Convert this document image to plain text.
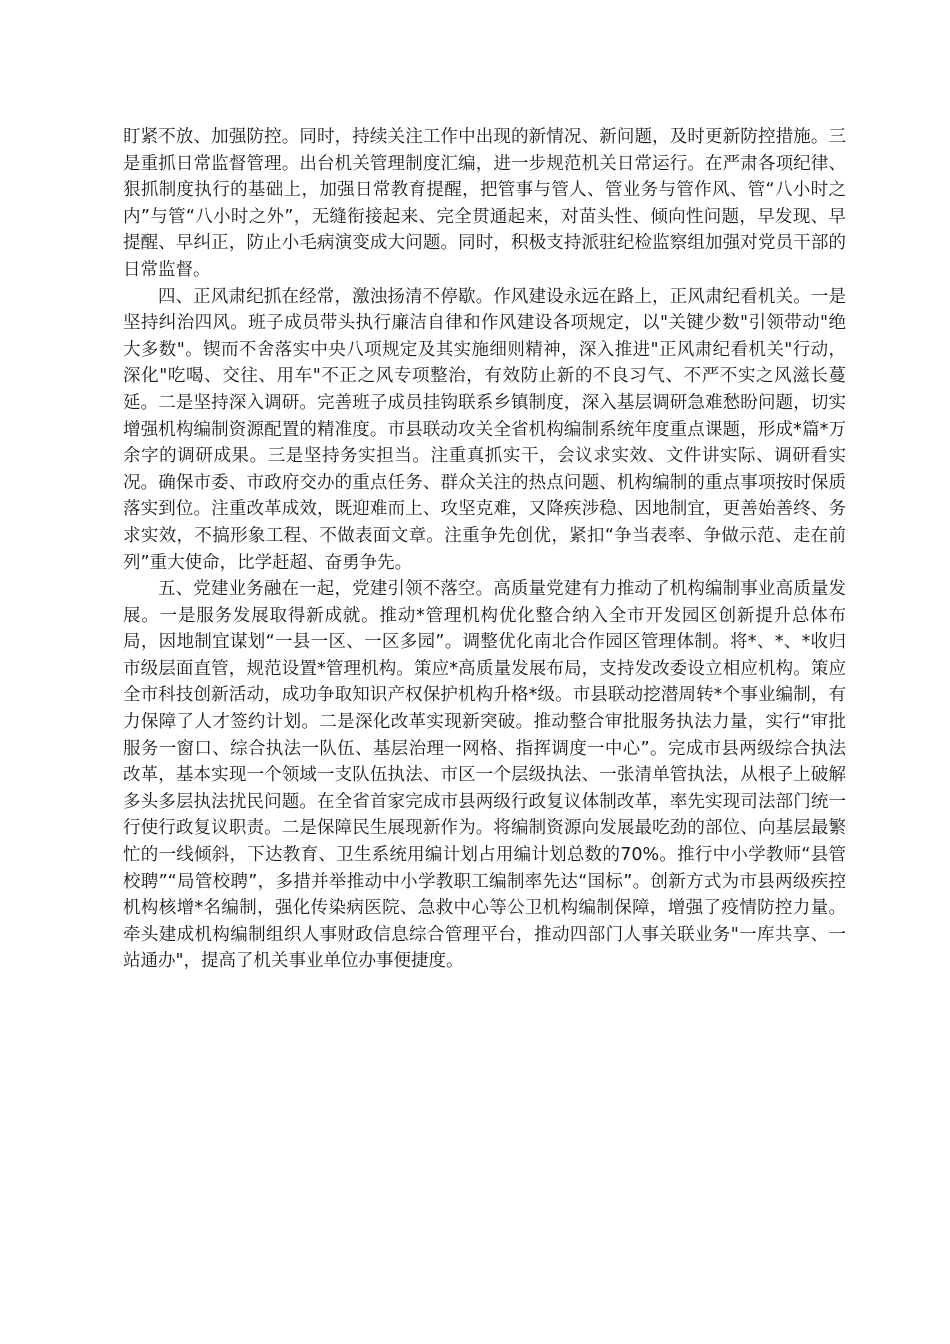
盯紧不放、加强防控。同时，持续关注工作中出现的新情况、新问题，及时更新防控措施。三是重抓日常监督管理。出台机关管理制度汇编，进一步规范机关日常运行。在严肃各项纪律、狠抓制度执行的基础上，加强日常教育提醒，把管事与管人、管业务与管作风、管“八小时之内”与管“八小时之外”，无缝衔接起来、完全贯通起来，对苗头性、倾向性问题，早发现、早提醒、早纠正，防止小毛病演变成大问题。同时，积极支持派驻纪检监察组加强对党员干部的日常监督。

四、正风肃纪抓在经常，激浊扬清不停歇。作风建设永远在路上，正风肃纪看机关。一是坚持纠治四风。班子成员带头执行廉洁自律和作风建设各项规定，以"关键少数"引领带动"绝大多数"。锲而不舍落实中央八项规定及其实施细则精神，深入推进"正风肃纪看机关"行动，深化"吃喝、交往、用车"不正之风专项整治，有效防止新的不良习气、不严不实之风滋长蔓延。二是坚持深入调研。完善班子成员挂钩联系乡镇制度，深入基层调研急难愁盼问题，切实增强机构编制资源配置的精准度。市县联动攻关全省机构编制系统年度重点课题，形成*篇*万余字的调研成果。三是坚持务实担当。注重真抓实干，会议求实效、文件讲实际、调研看实况。确保市委、市政府交办的重点任务、群众关注的热点问题、机构编制的重点事项按时保质落实到位。注重改革成效，既迎难而上、攻坚克难，又降疾涉稳、因地制宜，更善始善终、务求实效，不搞形象工程、不做表面文章。注重争先创优，紧扣“争当表率、争做示范、走在前列”重大使命，比学赶超、奋勇争先。

五、党建业务融在一起，党建引领不落空。高质量党建有力推动了机构编制事业高质量发展。一是服务发展取得新成就。推动*管理机构优化整合纳入全市开发园区创新提升总体布局，因地制宜谋划“一县一区、一区多园”。调整优化南北合作园区管理体制。将*、*、*收归市级层面直管，规范设置*管理机构。策应*高质量发展布局，支持发改委设立相应机构。策应全市科技创新活动，成功争取知识产权保护机构升格*级。市县联动挖潜周转*个事业编制，有力保障了人才签约计划。二是深化改革实现新突破。推动整合审批服务执法力量，实行“审批服务一窗口、综合执法一队伍、基层治理一网格、指挥调度一中心”。完成市县两级综合执法改革，基本实现一个领域一支队伍执法、市区一个层级执法、一张清单管执法，从根子上破解多头多层执法扰民问题。在全省首家完成市县两级行政复议体制改革，率先实现司法部门统一行使行政复议职责。二是保障民生展现新作为。将编制资源向发展最吃劲的部位、向基层最繁忙的一线倾斜，下达教育、卫生系统用编计划占用编计划总数的70%。推行中小学教师“县管校聘”“局管校聘”，多措并举推动中小学教职工编制率先达“国标”。创新方式为市县两级疾控机构核增*名编制，强化传染病医院、急救中心等公卫机构编制保障，增强了疫情防控力量。牵头建成机构编制组织人事财政信息综合管理平台，推动四部门人事关联业务"一库共享、一站通办"，提高了机关事业单位办事便捷度。
